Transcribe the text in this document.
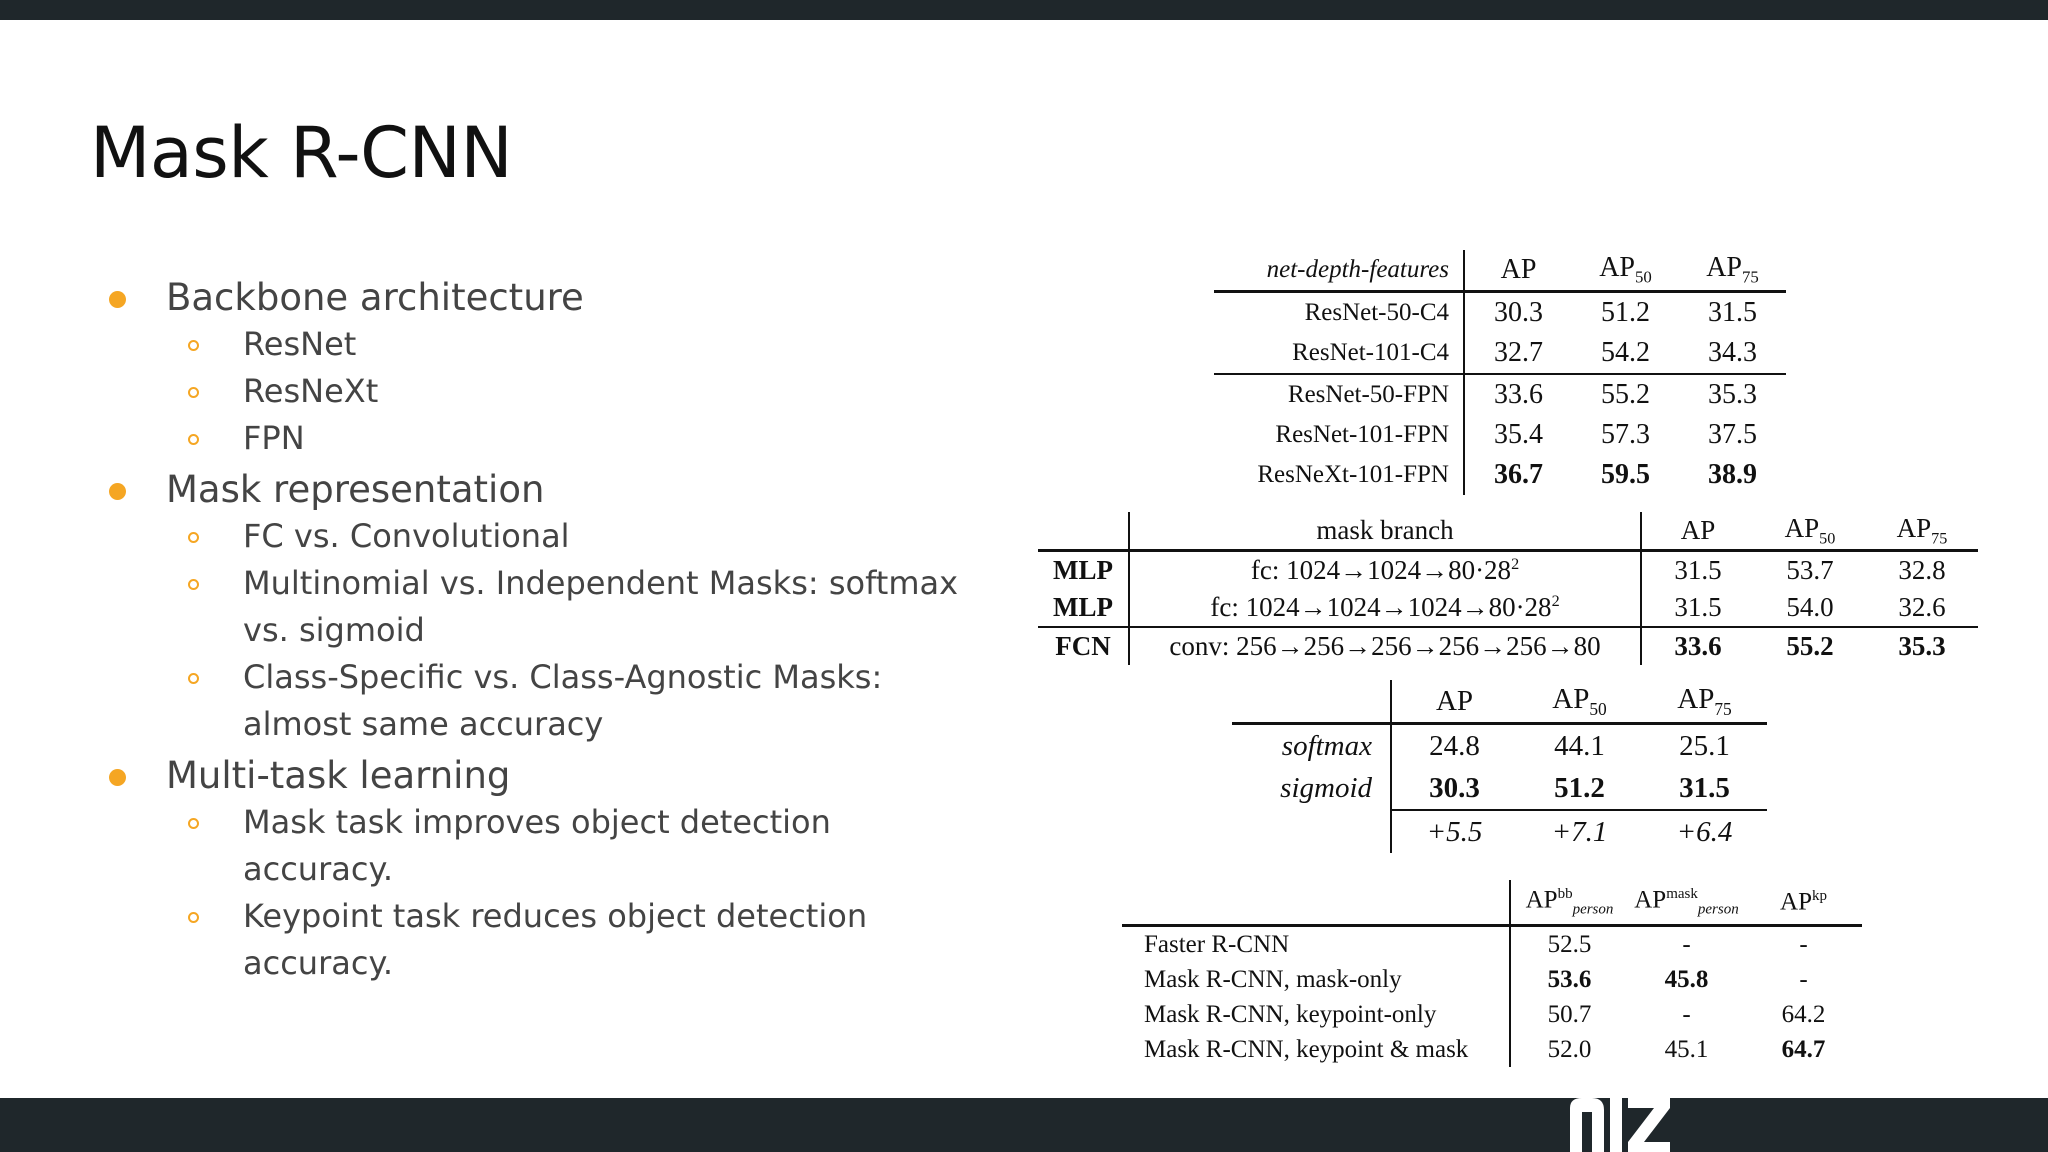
Mask R-CNN
Backbone architecture
ResNet
ResNeXt
FPN
Mask representation
FC vs. Convolutional
Multinomial vs. Independent Masks: softmax vs. sigmoid
Class-Specific vs. Class-Agnostic Masks: almost same accuracy
Multi-task learning
Mask task improves object detection accuracy.
Keypoint task reduces object detection accuracy.
net-depth-features	AP	$AP_{50}$	$AP_{75}$
ResNet-50-C4	30.3	51.2	31.5
ResNet-101-C4	32.7	54.2	34.3
ResNet-50-FPN	33.6	55.2	35.3
ResNet-101-FPN	35.4	57.3	37.5
ResNeXt-101-FPN	36.7	59.5	38.9
	mask branch	AP	$AP_{50}$	$AP_{75}$
MLP	fc: $1024\to 1024\to 80\cdot 28^2$	31.5	53.7	32.8
MLP	fc: $1024\to 1024\to 1024\to 80\cdot 28^2$	31.5	54.0	32.6
FCN	conv: 256→256→256→256→256→80	33.6	55.2	35.3
	AP	$AP_{50}$	$AP_{75}$
softmax	24.8	44.1	25.1
sigmoid	30.3	51.2	31.5
	+5.5	+7.1	+6.4
	$AP^{bb}_{person}$	$AP^{mask}_{person}$	$AP^{kp}$
Faster R-CNN	52.5	-	-
Mask R-CNN, mask-only	53.6	45.8	-
Mask R-CNN, keypoint-only	50.7	-	64.2
Mask R-CNN, keypoint & mask	52.0	45.1	64.7
